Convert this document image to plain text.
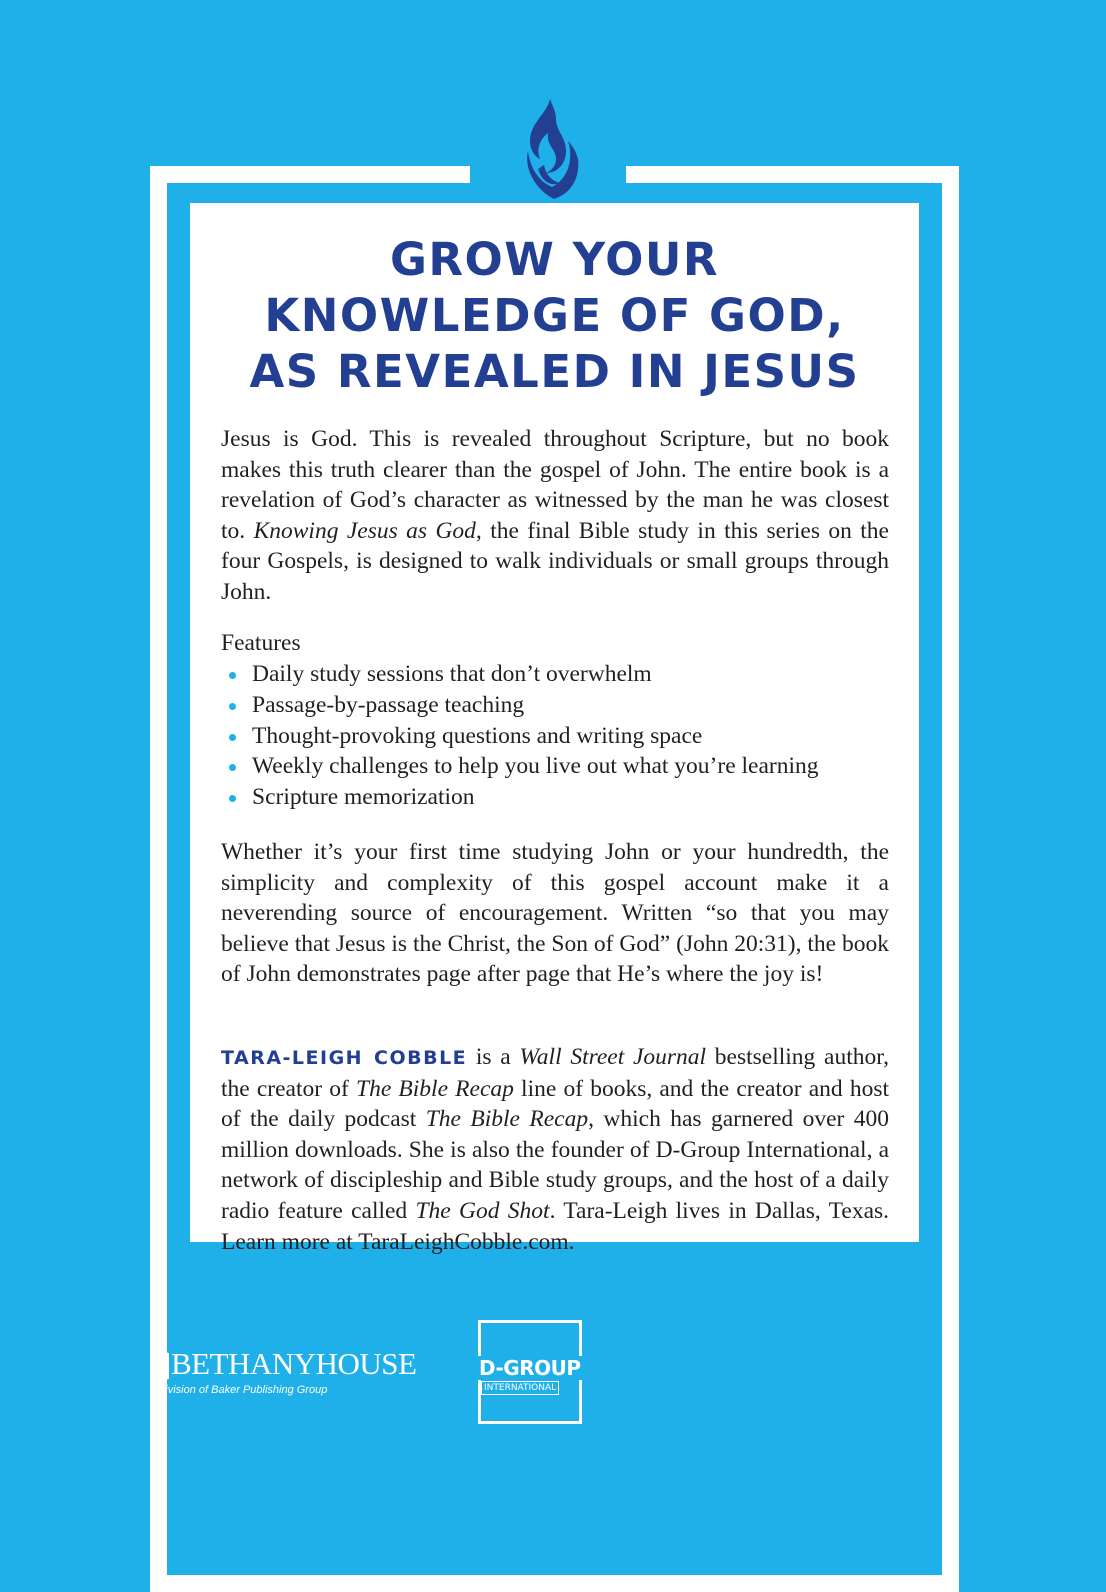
GROW YOUR
KNOWLEDGE OF GOD,
AS REVEALED IN JESUS
Jesus is God. This is revealed throughout Scripture, but no book makes this truth clearer than the gospel of John. The entire book is a revelation of God’s character as witnessed by the man he was closest to. Knowing Jesus as God, the final Bible study in this series on the four Gospels, is designed to walk individuals or small groups through John.
Features
Daily study sessions that don’t overwhelm
Passage-by-passage teaching
Thought-provoking questions and writing space
Weekly challenges to help you live out what you’re learning
Scripture memorization
Whether it’s your first time studying John or your hundredth, the simplicity and complexity of this gospel account make it a neverending source of encouragement. Written “so that you may believe that Jesus is the Christ, the Son of God” (John 20:31), the book of John demonstrates page after page that He’s where the joy is!
TARA-LEIGH COBBLE is a Wall Street Journal bestselling author, the creator of The Bible Recap line of books, and the creator and host of the daily podcast The Bible Recap, which has garnered over 400 million downloads. She is also the founder of D-Group International, a network of discipleship and Bible study groups, and the host of a daily radio feature called The God Shot. Tara-Leigh lives in Dallas, Texas. Learn more at TaraLeighCobble.com.
BETHANYHOUSE
a division of Baker Publishing Group
D-GROUP
INTERNATIONAL
